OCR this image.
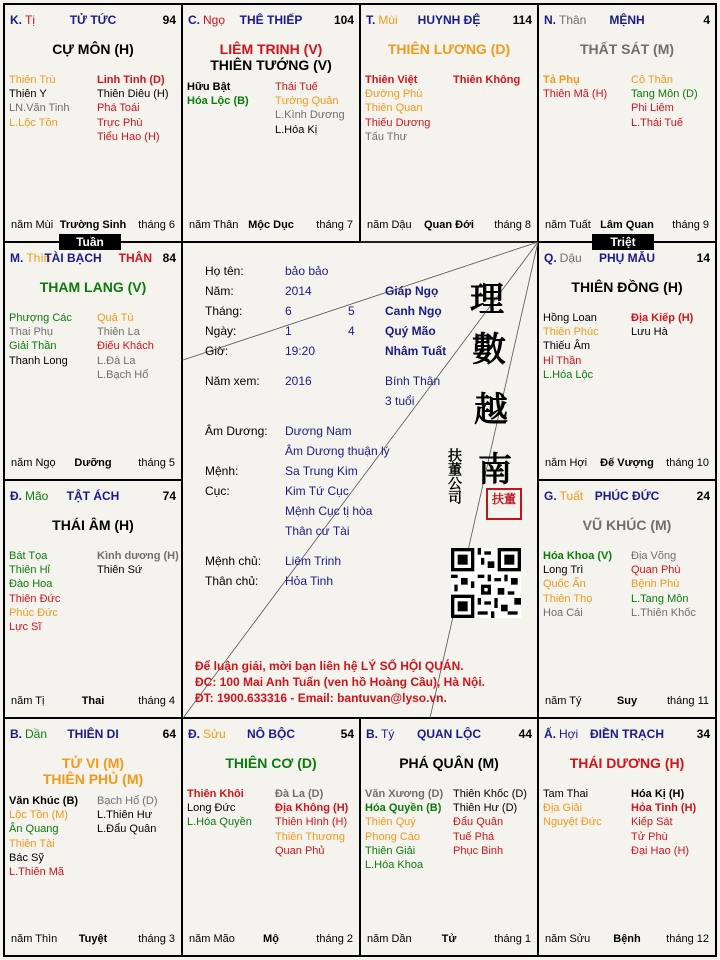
K. Tị	TỬ TỨC	94
CỰ MÔN (H)
Thiên Trù
Thiên Y
LN.Văn Tinh
L.Lộc Tồn
Linh Tinh (D)
Thiên Diêu (H)
Phá Toái
Trực Phù
Tiểu Hao (H)
năm Mùi Trường Sinh	tháng 6
C. Ngọ	THÊ THIẾP	104
LIÊM TRINH (V)
THIÊN TƯỚNG (V)
Hữu Bật
Hóa Lộc (B)
Thái Tuế
Tướng Quân
L.Kình Dương
L.Hóa Kị
năm Thân Mộc Dục	tháng 7
T. Mùi	HUYNH ĐỆ	114
THIÊN LƯƠNG (D)
Thiên Việt
Đường Phù
Thiên Quan
Thiếu Dương
Tấu Thư
Thiên Không
năm Dậu	Quan Đới	tháng 8
N. Thân	MỆNH	4
THẤT SÁT (M)
Tả Phụ
Thiên Mã (H)
Cô Thần
Tang Môn (D)
Phi Liêm
L.Thái Tuế
năm Tuất Lâm Quan	tháng 9
M. Thìn
TÀI BẠCH	THÂN 84
THAM LANG (V)
Phượng Các
Thai Phụ
Giải Thần
Thanh Long
Quả Tú
Thiên La
Điếu Khách
L.Đà La
L.Bạch Hổ
năm Ngọ	Dưỡng	tháng 5
Q. Dậu	PHỤ MẪU	14
THIÊN ĐỒNG (H)
Hồng Loan
Thiên Phúc
Thiếu Âm
Hỉ Thần
L.Hóa Lộc
Địa Kiếp (H)
Lưu Hà
năm Hợi	Đế Vượng	tháng 10
Đ. Mão	TẬT ÁCH	74
THÁI ÂM (H)
Bát Tọa
Thiên Hỉ
Đào Hoa
Thiên Đức
Phúc Đức
Lực Sĩ
Kình dương (H)
Thiên Sứ
năm Tị	Thai	tháng 4
G. Tuất PHÚC ĐỨC	24
VŨ KHÚC (M)
Hóa Khoa (V)
Long Trì
Quốc Ấn
Thiên Thọ
Hoa Cái
Địa Võng
Quan Phù
Bệnh Phù
L.Tang Môn
L.Thiên Khốc
năm Tý	Suy	tháng 11
B. Dần	THIÊN DI	64
TỬ VI (M)
THIÊN PHỦ (M)
Văn Khúc (B)
Lộc Tồn (M)
Ân Quang
Thiên Tài
Bác Sỹ
L.Thiên Mã
Bạch Hổ (D)
L.Thiên Hư
L.Đẩu Quân
năm Thìn	Tuyệt	tháng 3
Đ. Sửu	NÔ BỘC	54
THIÊN CƠ (D)
Thiên Khôi
Long Đức
L.Hóa Quyền
Đà La (D)
Địa Không (H)
Thiên Hình (H)
Thiên Thương
Quan Phủ
năm Mão	Mộ	tháng 2
B. Tý	QUAN LỘC	44
PHÁ QUÂN (M)
Văn Xương (D)
Hóa Quyền (B)
Thiên Quý
Phong Cáo
Thiên Giải
L.Hóa Khoa
Thiên Khốc (D)
Thiên Hư (D)
Đẩu Quân
Tuế Phá
Phục Binh
năm Dần	Tử	tháng 1
Ấ. Hợi ĐIỀN TRẠCH	34
THÁI DƯƠNG (H)
Tam Thai
Địa Giải
Nguyệt Đức
Hóa Kị (H)
Hỏa Tinh (H)
Kiếp Sát
Tử Phù
Đại Hao (H)
năm Sửu	Bệnh	tháng 12
Tuần	Triệt
Họ tên:	bảo bảo
Năm:	2014	Giáp Ngọ
Tháng:	6	5	Canh Ngọ
Ngày:	1	4	Quý Mão
Giờ:	19:20	Nhâm Tuất
Năm xem: 2016	Bính Thân
3 tuổi
Âm Dương: Dương Nam
Âm Dương thuận lý
Mệnh:	Sa Trung Kim
Cục:	Kim Tứ Cục
Mệnh Cục tị hòa
Thân cư Tài
Mệnh chủ: Liêm Trinh
Thân chủ: Hỏa Tinh
理
數
越
南
扶董公司	扶董
Để luận giải, mời bạn liên hệ LÝ SỐ HỘI QUÁN.
ĐC: 100 Mai Anh Tuấn (ven hồ Hoàng Cầu), Hà Nội.
ĐT: 1900.633316 - Email: bantuvan@lyso.vn.
